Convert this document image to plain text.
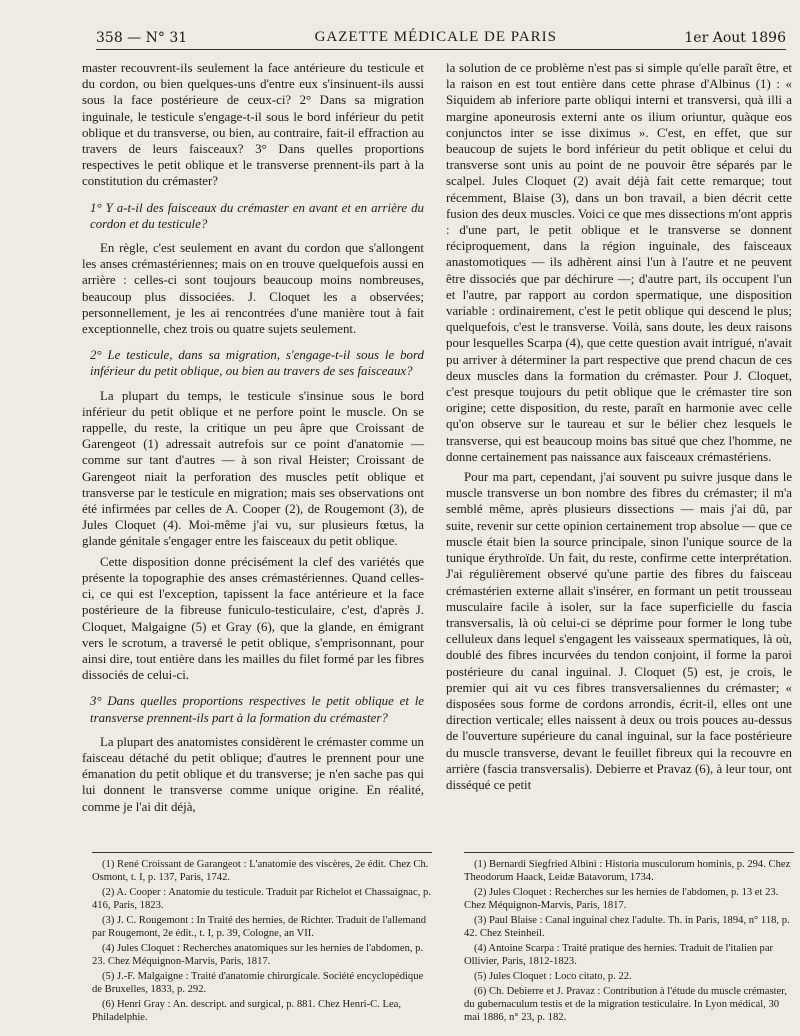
358 — N° 31	GAZETTE MÉDICALE DE PARIS	1er Aout 1896

master recouvrent-ils seulement la face antérieure du testicule et du cordon, ou bien quelques-uns d'entre eux s'insinuent-ils aussi sous la face postérieure de ceux-ci? 2° Dans sa migration inguinale, le testicule s'engage-t-il sous le bord inférieur du petit oblique et du transverse, ou bien, au contraire, fait-il effraction au travers de leurs faisceaux? 3° Dans quelles proportions respectives le petit oblique et le transverse prennent-ils part à la constitution du crémaster?

1° Y a-t-il des faisceaux du crémaster en avant et en arrière du cordon et du testicule?

En règle, c'est seulement en avant du cordon que s'allongent les anses crémastériennes; mais on en trouve quelquefois aussi en arrière : celles-ci sont toujours beaucoup moins nombreuses, beaucoup plus dissociées. J. Cloquet les a observées; personnellement, je les ai rencontrées d'une manière tout à fait exceptionnelle, chez trois ou quatre sujets seulement.

2° Le testicule, dans sa migration, s'engage-t-il sous le bord inférieur du petit oblique, ou bien au travers de ses faisceaux?

La plupart du temps, le testicule s'insinue sous le bord inférieur du petit oblique et ne perfore point le muscle. On se rappelle, du reste, la critique un peu âpre que Croissant de Garengeot (1) adressait autrefois sur ce point d'anatomie — comme sur tant d'autres — à son rival Heister; Croissant de Garengeot niait la perforation des muscles petit oblique et transverse par le testicule en migration; mais ses observations ont été infirmées par celles de A. Cooper (2), de Rougemont (3), de Jules Cloquet (4). Moi-même j'ai vu, sur plusieurs fœtus, la glande génitale s'engager entre les faisceaux du petit oblique.

Cette disposition donne précisément la clef des variétés que présente la topographie des anses crémastériennes. Quand celles-ci, ce qui est l'exception, tapissent la face antérieure et la face postérieure de la fibreuse funiculo-testiculaire, c'est, d'après J. Cloquet, Malgaigne (5) et Gray (6), que la glande, en émigrant vers le scrotum, a traversé le petit oblique, s'emprisonnant, pour ainsi dire, tout entière dans les mailles du filet formé par les fibres dissociés de celui-ci.

3° Dans quelles proportions respectives le petit oblique et le transverse prennent-ils part à la formation du crémaster?

La plupart des anatomistes considèrent le crémaster comme un faisceau détaché du petit oblique; d'autres le prennent pour une émanation du petit oblique et du transverse; je n'en sache pas qui lui donnent le transverse comme unique origine. En réalité, comme je l'ai dit déjà,

la solution de ce problème n'est pas si simple qu'elle paraît être, et la raison en est tout entière dans cette phrase d'Albinus (1) : « Siquidem ab inferiore parte obliqui interni et transversi, quà illi a margine aponeurosis externi ante os ilium oriuntur, quàque eos conjunctos inter se isse diximus ». C'est, en effet, que sur beaucoup de sujets le bord inférieur du petit oblique et celui du transverse sont unis au point de ne pouvoir être séparés par le scalpel. Jules Cloquet (2) avait déjà fait cette remarque; tout récemment, Blaise (3), dans un bon travail, a bien décrit cette fusion des deux muscles. Voici ce que mes dissections m'ont appris : d'une part, le petit oblique et le transverse se donnent réciproquement, dans la région inguinale, des faisceaux anastomotiques — ils adhèrent ainsi l'un à l'autre et ne peuvent être dissociés que par déchirure —; d'autre part, ils occupent l'un et l'autre, par rapport au cordon spermatique, une disposition variable : ordinairement, c'est le petit oblique qui descend le plus; quelquefois, c'est le transverse. Voilà, sans doute, les deux raisons pour lesquelles Scarpa (4), que cette question avait intrigué, n'avait pu arriver à déterminer la part respective que prend chacun de ces deux muscles dans la formation du crémaster. Pour J. Cloquet, c'est presque toujours du petit oblique que le crémaster tire son origine; cette disposition, du reste, paraît en harmonie avec celle qu'on observe sur le taureau et sur le bélier chez lesquels le transverse, qui est beaucoup moins bas situé que chez l'homme, ne donne certainement pas naissance aux faisceaux crémastériens.

Pour ma part, cependant, j'ai souvent pu suivre jusque dans le muscle transverse un bon nombre des fibres du crémaster; il m'a semblé même, après plusieurs dissections — mais j'ai dû, par suite, revenir sur cette opinion certainement trop absolue — que ce muscle était bien la source principale, sinon l'unique source de la tunique érythroïde. Un fait, du reste, confirme cette interprétation. J'ai régulièrement observé qu'une partie des fibres du faisceau crémastérien externe allait s'insérer, en formant un petit trousseau musculaire facile à isoler, sur la face superficielle du fascia transversalis, là où celui-ci se déprime pour former le long tube celluleux dans lequel s'engagent les vaisseaux spermatiques, là où, doublé des fibres incurvées du tendon conjoint, il forme la paroi postérieure du canal inguinal. J. Cloquet (5) est, je crois, le premier qui ait vu ces fibres transversaliennes du crémaster; « disposées sous forme de cordons arrondis, écrit-il, elles ont une direction verticale; elles naissent à deux ou trois pouces au-dessus de l'ouverture supérieure du canal inguinal, sur la face postérieure du muscle transverse, devant le feuillet fibreux qui la recouvre en arrière (fascia transversalis). Debierre et Pravaz (6), à leur tour, ont disséqué ce petit

(1) René Croissant de Garangeot : L'anatomie des viscères, 2e édit. Chez Ch. Osmont, t. I, p. 137, Paris, 1742.
(2) A. Cooper : Anatomie du testicule. Traduit par Richelot et Chassaignac, p. 416, Paris, 1823.
(3) J. C. Rougemont : In Traité des hernies, de Richter. Traduit de l'allemand par Rougemont, 2e édit., t. I, p. 39, Cologne, an VII.
(4) Jules Cloquet : Recherches anatomiques sur les hernies de l'abdomen, p. 23. Chez Méquignon-Marvis, Paris, 1817.
(5) J.-F. Malgaigne : Traité d'anatomie chirurgicale. Société encyclopédique de Bruxelles, 1833, p. 292.
(6) Henri Gray : An. descript. and surgical, p. 881. Chez Henri-C. Lea, Philadelphie.
(1) Bernardi Siegfried Albini : Historia musculorum hominis, p. 294. Chez Theodorum Haack, Leidæ Batavorum, 1734.
(2) Jules Cloquet : Recherches sur les hernies de l'abdomen, p. 13 et 23. Chez Méquignon-Marvis, Paris, 1817.
(3) Paul Blaise : Canal inguinal chez l'adulte. Th. in Paris, 1894, n° 118, p. 42. Chez Steinheil.
(4) Antoine Scarpa : Traité pratique des hernies. Traduit de l'italien par Ollivier, Paris, 1812-1823.
(5) Jules Cloquet : Loco citato, p. 22.
(6) Ch. Debierre et J. Pravaz : Contribution à l'étude du muscle crémaster, du gubernaculum testis et de la migration testiculaire. In Lyon médical, 30 mai 1886, n° 23, p. 182.
